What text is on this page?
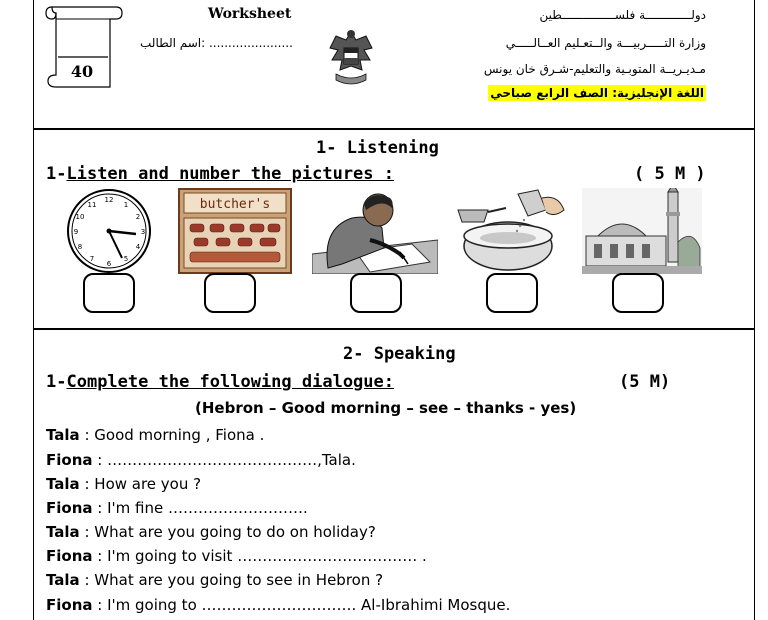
40
Worksheet
اسم الطالب: ......................
دولـــــــــــــة فلســـــــــــــــطين
وزارة التـــــربيـــة والــتعـليم العــالـــــي
مـديـريــة المتوبـية والتعليم-شـرق خان يونس
اللغة الإنجليزية: الصف الرابع صباحي
1- Listening
1-Listen and number the pictures :	( 5 M )
12
1
2
3
4
5
6
7
8
9
10
11	butcher's
2- Speaking
1-Complete the following dialogue:	(5 M)
(Hebron – Good morning – see – thanks - yes)
Tala : Good morning , Fiona .
Fiona : ……………………………………,Tala.
Tala : How are you ?
Fiona : I'm fine ……………………….
Tala : What are you going to do on holiday?
Fiona : I'm going to visit ……………………………… .
Tala : What are you going to see in Hebron ?
Fiona : I'm going to …………………………. Al-Ibrahimi Mosque.
